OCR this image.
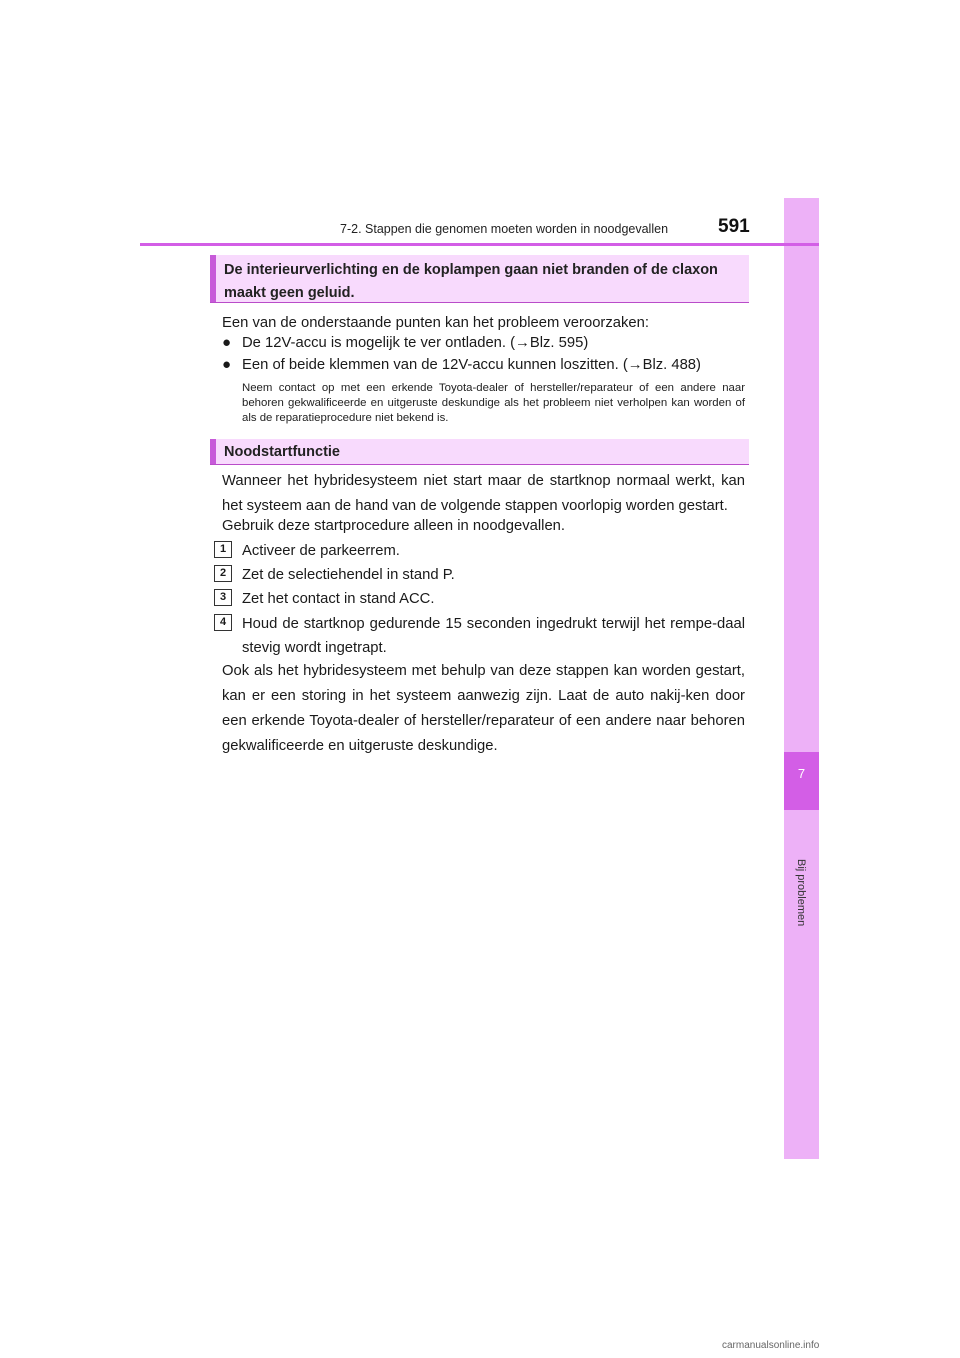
7
Bij problemen
7-2. Stappen die genomen moeten worden in noodgevallen	591
De interieurverlichting en de koplampen gaan niet branden of de claxon maakt geen geluid.
Een van de onderstaande punten kan het probleem veroorzaken:
● De 12V-accu is mogelijk te ver ontladen. (→Blz. 595)
● Een of beide klemmen van de 12V-accu kunnen loszitten. (→Blz. 488)
Neem contact op met een erkende Toyota-dealer of hersteller/reparateur of een andere naar behoren gekwalificeerde en uitgeruste deskundige als het probleem niet verholpen kan worden of als de reparatieprocedure niet bekend is.
Noodstartfunctie
Wanneer het hybridesysteem niet start maar de startknop normaal werkt, kan het systeem aan de hand van de volgende stappen voorlopig worden gestart.
Gebruik deze startprocedure alleen in noodgevallen.
1	Activeer de parkeerrem.
2	Zet de selectiehendel in stand P.
3	Zet het contact in stand ACC.
4	Houd de startknop gedurende 15 seconden ingedrukt terwijl het rempe-daal stevig wordt ingetrapt.
Ook als het hybridesysteem met behulp van deze stappen kan worden gestart, kan er een storing in het systeem aanwezig zijn. Laat de auto nakij-ken door een erkende Toyota-dealer of hersteller/reparateur of een andere naar behoren gekwalificeerde en uitgeruste deskundige.
carmanualsonline.info
